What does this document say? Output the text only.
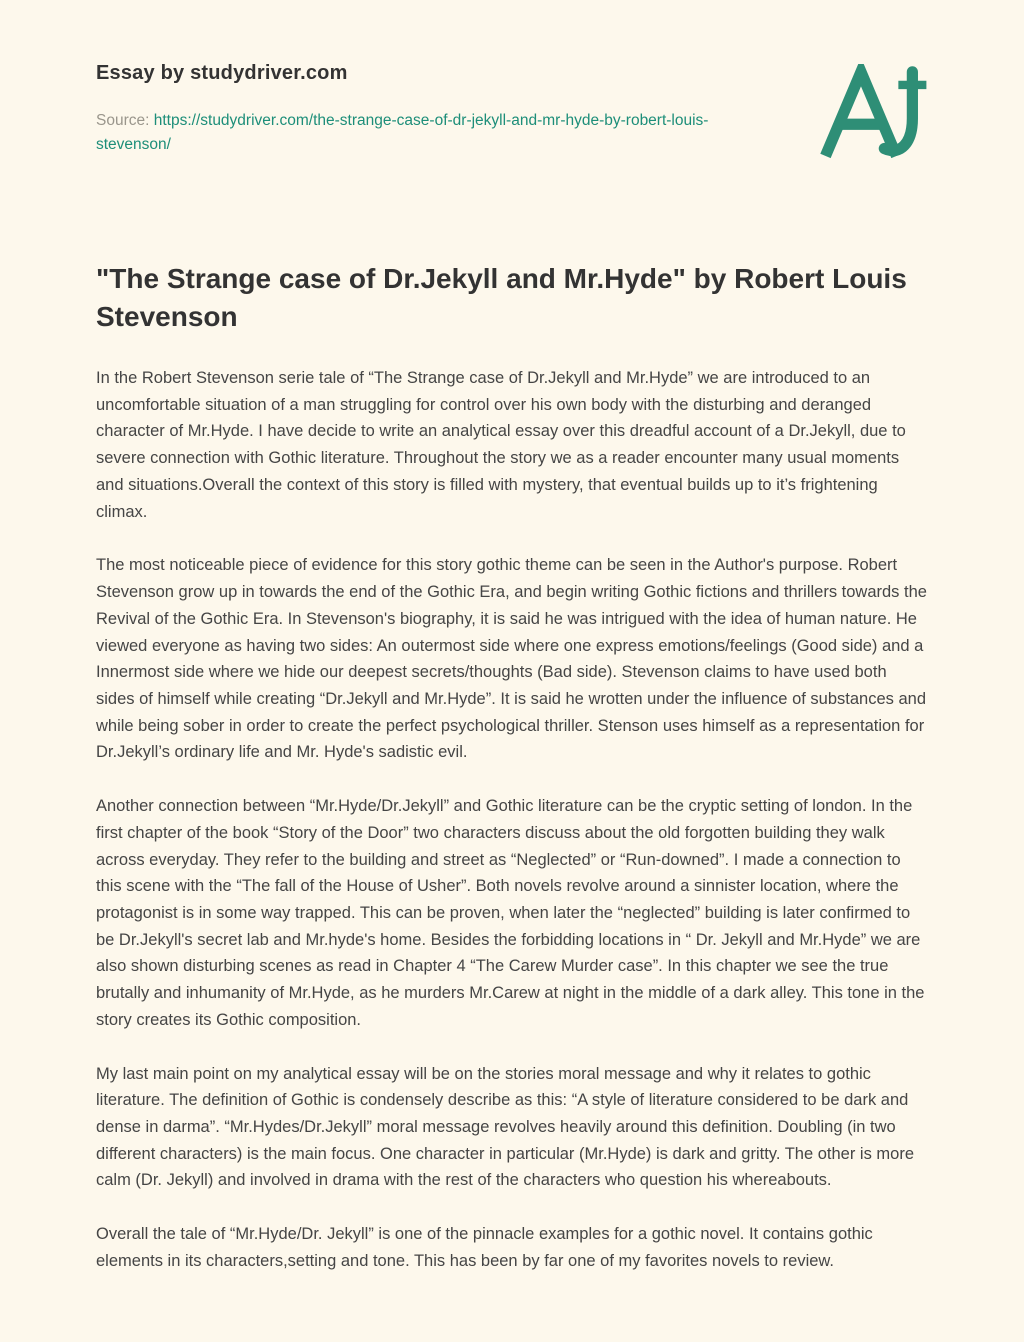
Essay by studydriver.com

Source: https://studydriver.com/the-strange-case-of-dr-jekyll-and-mr-hyde-by-robert-louis-stevenson/

"The Strange case of Dr.Jekyll and Mr.Hyde" by Robert Louis Stevenson

In the Robert Stevenson serie tale of “The Strange case of Dr.Jekyll and Mr.Hyde” we are introduced to an uncomfortable situation of a man struggling for control over his own body with the disturbing and deranged character of Mr.Hyde. I have decide to write an analytical essay over this dreadful account of a Dr.Jekyll, due to severe connection with Gothic literature. Throughout the story we as a reader encounter many usual moments and situations.Overall the context of this story is filled with mystery, that eventual builds up to it’s frightening climax.

The most noticeable piece of evidence for this story gothic theme can be seen in the Author's purpose. Robert Stevenson grow up in towards the end of the Gothic Era, and begin writing Gothic fictions and thrillers towards the Revival of the Gothic Era. In Stevenson's biography, it is said he was intrigued with the idea of human nature. He viewed everyone as having two sides: An outermost side where one express emotions/feelings (Good side) and a Innermost side where we hide our deepest secrets/thoughts (Bad side). Stevenson claims to have used both sides of himself while creating “Dr.Jekyll and Mr.Hyde”. It is said he wrotten under the influence of substances and while being sober in order to create the perfect psychological thriller. Stenson uses himself as a representation for Dr.Jekyll’s ordinary life and Mr. Hyde's sadistic evil.

Another connection between “Mr.Hyde/Dr.Jekyll” and Gothic literature can be the cryptic setting of london. In the first chapter of the book “Story of the Door” two characters discuss about the old forgotten building they walk across everyday. They refer to the building and street as “Neglected” or “Run-downed”. I made a connection to this scene with the “The fall of the House of Usher”. Both novels revolve around a sinnister location, where the protagonist is in some way trapped. This can be proven, when later the “neglected” building is later confirmed to be Dr.Jekyll's secret lab and Mr.hyde's home. Besides the forbidding locations in “ Dr. Jekyll and Mr.Hyde” we are also shown disturbing scenes as read in Chapter 4 “The Carew Murder case”. In this chapter we see the true brutally and inhumanity of Mr.Hyde, as he murders Mr.Carew at night in the middle of a dark alley. This tone in the story creates its Gothic composition.

My last main point on my analytical essay will be on the stories moral message and why it relates to gothic literature. The definition of Gothic is condensely describe as this: “A style of literature considered to be dark and dense in darma”. “Mr.Hydes/Dr.Jekyll” moral message revolves heavily around this definition. Doubling (in two different characters) is the main focus. One character in particular (Mr.Hyde) is dark and gritty. The other is more calm (Dr. Jekyll) and involved in drama with the rest of the characters who question his whereabouts.

Overall the tale of “Mr.Hyde/Dr. Jekyll” is one of the pinnacle examples for a gothic novel. It contains gothic elements in its characters,setting and tone. This has been by far one of my favorites novels to review.
